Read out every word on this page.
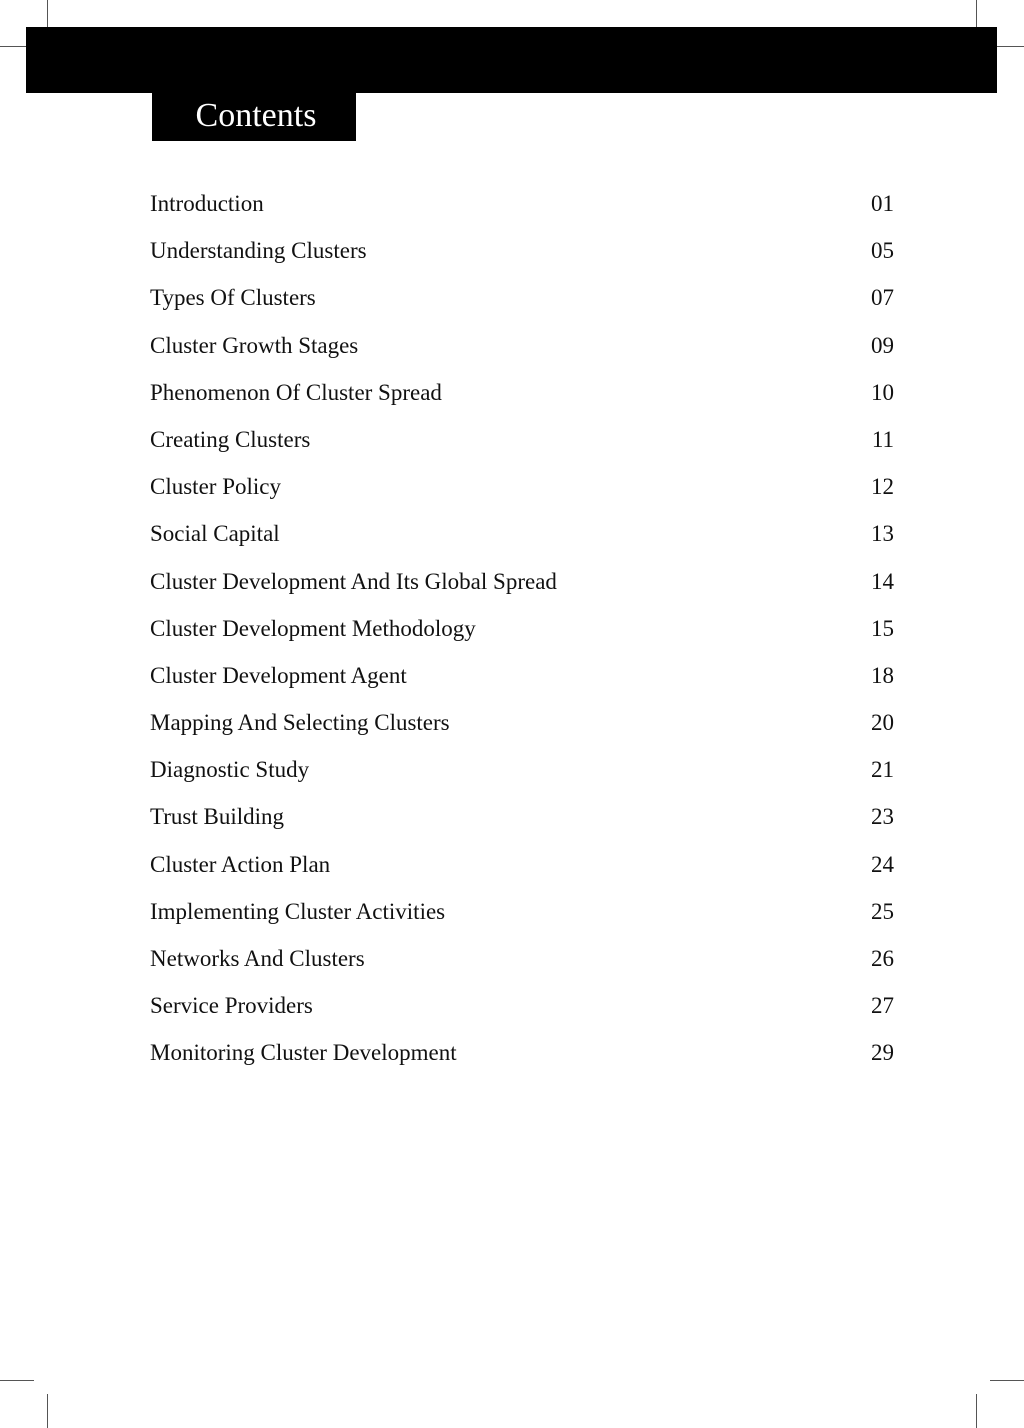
Contents
Introduction	01
Understanding Clusters	05
Types Of Clusters	07
Cluster Growth Stages	09
Phenomenon Of Cluster Spread	10
Creating Clusters	11
Cluster Policy	12
Social Capital	13
Cluster Development And Its Global Spread	14
Cluster Development Methodology	15
Cluster Development Agent	18
Mapping And Selecting Clusters	20
Diagnostic Study	21
Trust Building	23
Cluster Action Plan	24
Implementing Cluster Activities	25
Networks And Clusters	26
Service Providers	27
Monitoring Cluster Development	29
